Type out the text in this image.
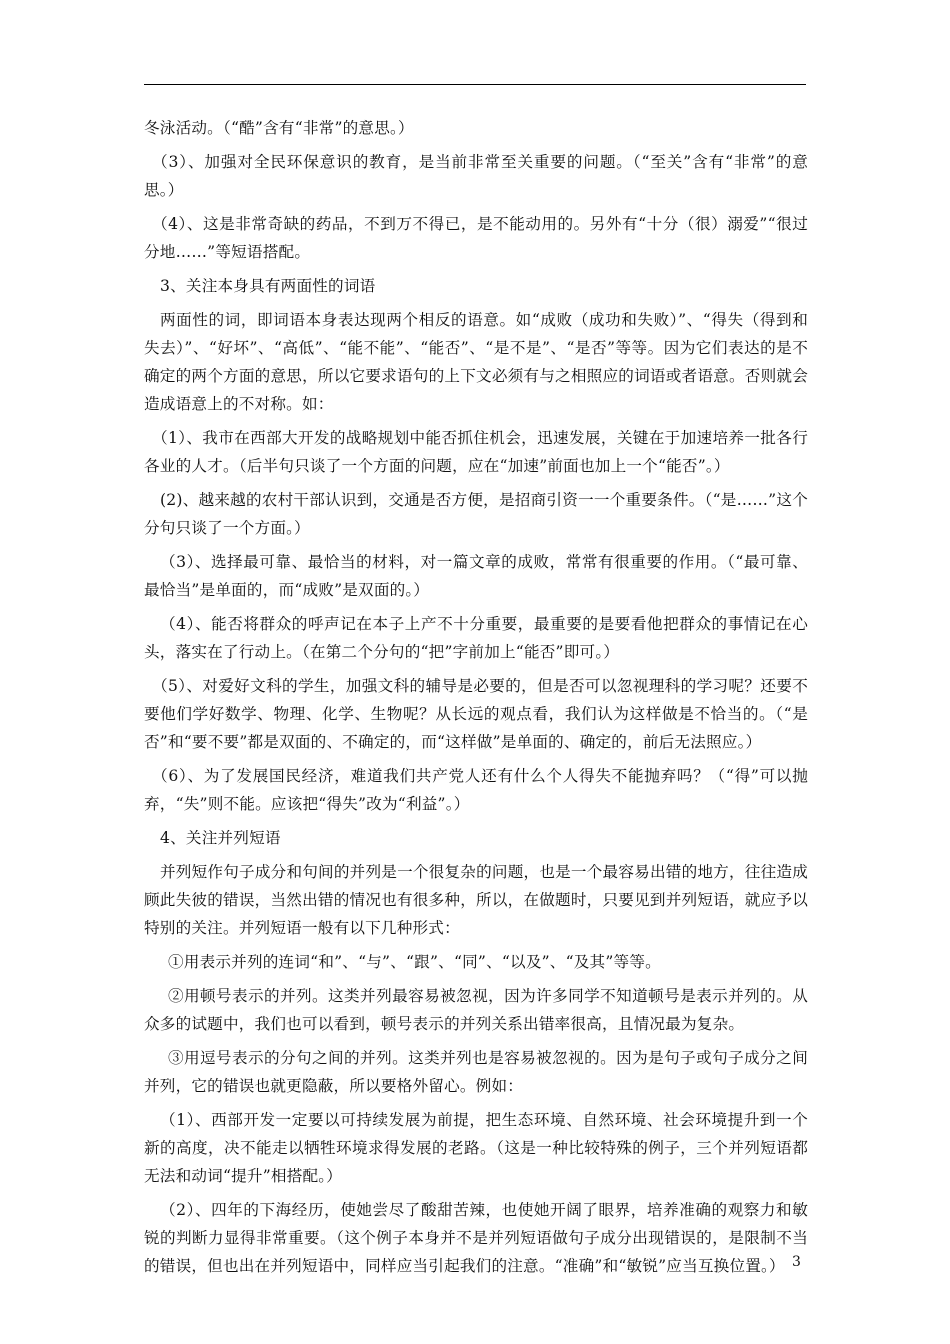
冬泳活动。（“酷”含有“非常”的意思。）

（3）、加强对全民环保意识的教育，是当前非常至关重要的问题。（“至关”含有“非常”的意思。）

（4）、这是非常奇缺的药品，不到万不得已，是不能动用的。另外有“十分（很）溺爱”“很过分地……”等短语搭配。

3、关注本身具有两面性的词语

两面性的词，即词语本身表达现两个相反的语意。如“成败（成功和失败）”、“得失（得到和失去）”、“好坏”、“高低”、“能不能”、“能否”、“是不是”、“是否”等等。因为它们表达的是不确定的两个方面的意思，所以它要求语句的上下文必须有与之相照应的词语或者语意。否则就会造成语意上的不对称。如：

（1）、我市在西部大开发的战略规划中能否抓住机会，迅速发展，关键在于加速培养一批各行各业的人才。（后半句只谈了一个方面的问题，应在“加速”前面也加上一个“能否”。）

(2)、越来越的农村干部认识到，交通是否方便，是招商引资一一个重要条件。（“是……”这个分句只谈了一个方面。）

（3）、选择最可靠、最恰当的材料，对一篇文章的成败，常常有很重要的作用。（“最可靠、最恰当”是单面的，而“成败”是双面的。）

（4）、能否将群众的呼声记在本子上产不十分重要，最重要的是要看他把群众的事情记在心头，落实在了行动上。（在第二个分句的“把”字前加上“能否”即可。）

（5）、对爱好文科的学生，加强文科的辅导是必要的，但是否可以忽视理科的学习呢？还要不要他们学好数学、物理、化学、生物呢？从长远的观点看，我们认为这样做是不恰当的。（“是否”和“要不要”都是双面的、不确定的，而“这样做”是单面的、确定的，前后无法照应。）

（6）、为了发展国民经济，难道我们共产党人还有什么个人得失不能抛弃吗？（“得”可以抛弃，“失”则不能。应该把“得失”改为“利益”。）

4、关注并列短语

并列短作句子成分和句间的并列是一个很复杂的问题，也是一个最容易出错的地方，往往造成顾此失彼的错误，当然出错的情况也有很多种，所以，在做题时，只要见到并列短语，就应予以特别的关注。并列短语一般有以下几种形式：

①用表示并列的连词“和”、“与”、“跟”、“同”、“以及”、“及其”等等。

②用顿号表示的并列。这类并列最容易被忽视，因为许多同学不知道顿号是表示并列的。从众多的试题中，我们也可以看到，顿号表示的并列关系出错率很高，且情况最为复杂。

③用逗号表示的分句之间的并列。这类并列也是容易被忽视的。因为是句子或句子成分之间并列，它的错误也就更隐蔽，所以要格外留心。例如：

（1）、西部开发一定要以可持续发展为前提，把生态环境、自然环境、社会环境提升到一个新的高度，决不能走以牺牲环境求得发展的老路。（这是一种比较特殊的例子，三个并列短语都无法和动词“提升”相搭配。）

（2）、四年的下海经历，使她尝尽了酸甜苦辣，也使她开阔了眼界，培养准确的观察力和敏锐的判断力显得非常重要。（这个例子本身并不是并列短语做句子成分出现错误的，是限制不当的错误，但也出在并列短语中，同样应当引起我们的注意。“准确”和“敏锐”应当互换位置。） 3
